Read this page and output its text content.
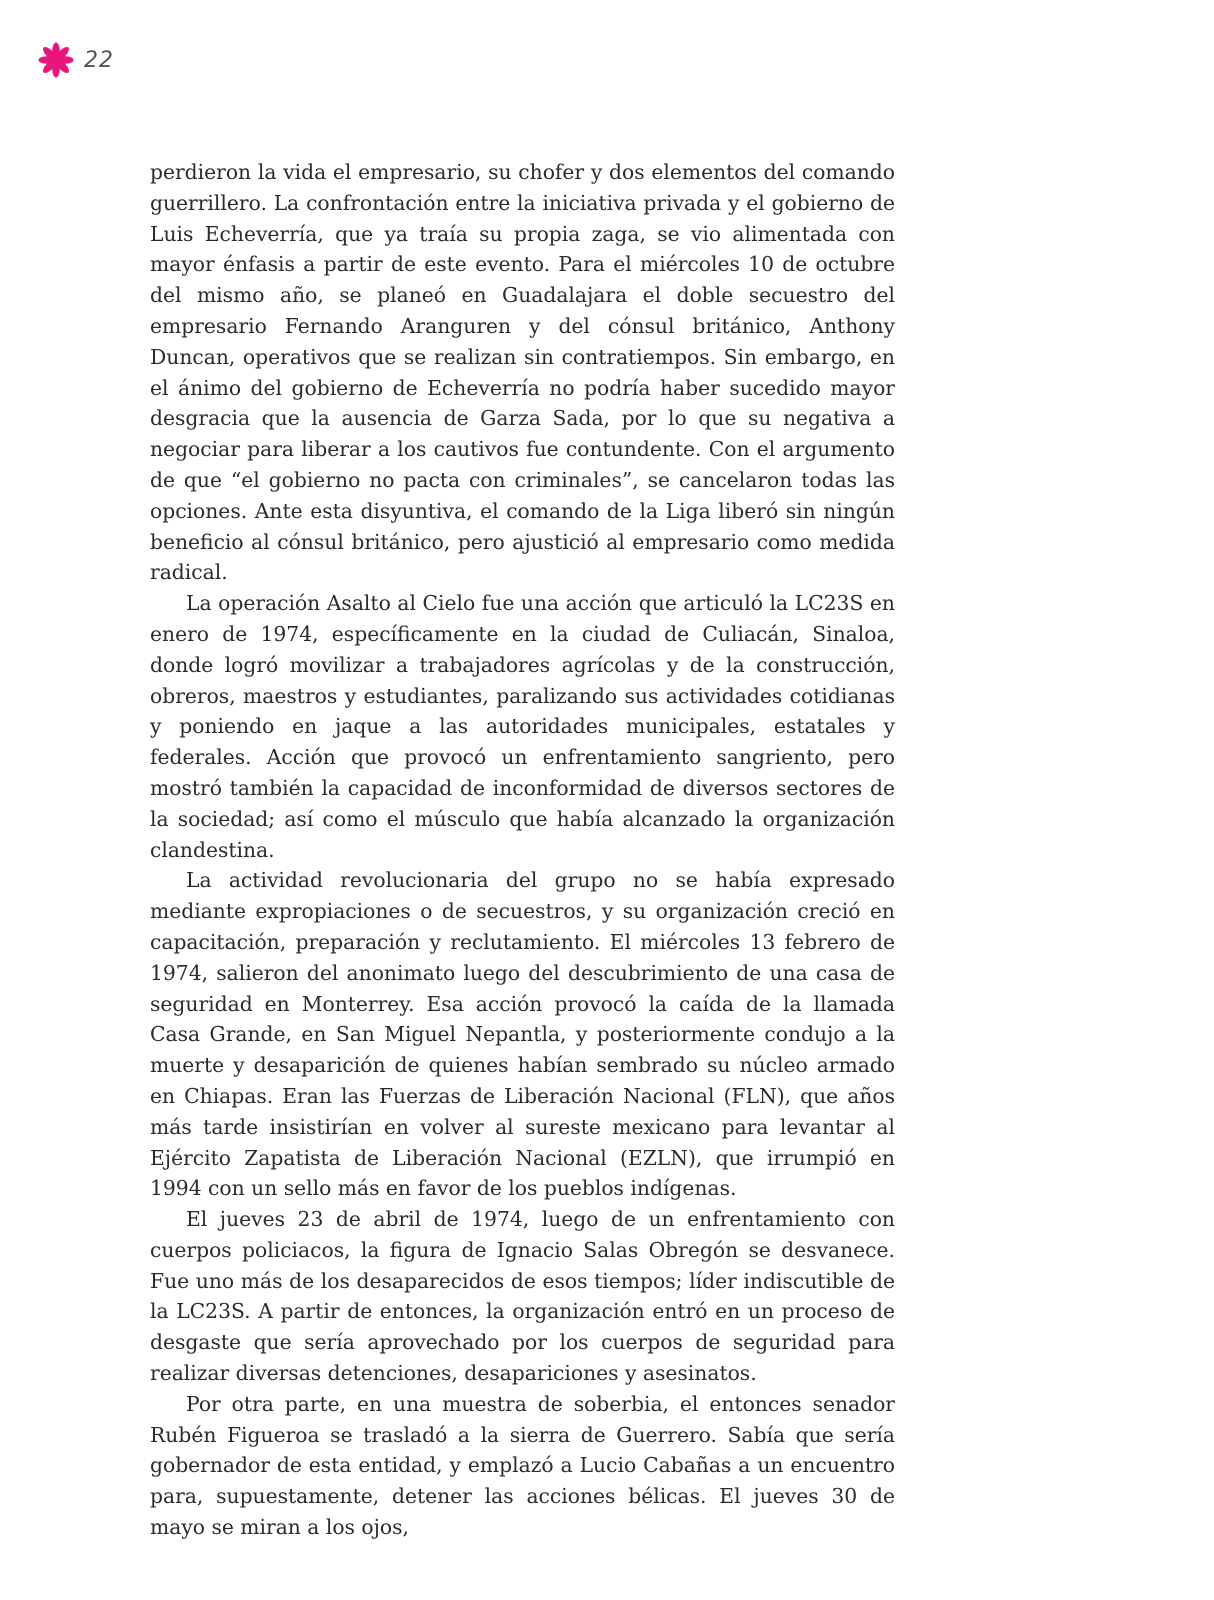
22

perdieron la vida el empresario, su chofer y dos elementos del comando guerrillero. La confrontación entre la iniciativa privada y el gobierno de Luis Echeverría, que ya traía su propia zaga, se vio alimentada con mayor énfasis a partir de este evento. Para el miércoles 10 de octubre del mismo año, se planeó en Guadalajara el doble secuestro del empresario Fernando Aranguren y del cónsul británico, Anthony Duncan, operativos que se realizan sin contratiempos. Sin embargo, en el ánimo del gobierno de Echeverría no podría haber sucedido mayor desgracia que la ausencia de Garza Sada, por lo que su negativa a negociar para liberar a los cautivos fue contundente. Con el argumento de que “el gobierno no pacta con criminales”, se cancelaron todas las opciones. Ante esta disyuntiva, el comando de la Liga liberó sin ningún beneficio al cónsul británico, pero ajustició al empresario como medida radical.

La operación Asalto al Cielo fue una acción que articuló la LC23S en enero de 1974, específicamente en la ciudad de Culiacán, Sinaloa, donde logró movilizar a trabajadores agrícolas y de la construcción, obreros, maestros y estudiantes, paralizando sus actividades cotidianas y poniendo en jaque a las autoridades municipales, estatales y federales. Acción que provocó un enfrentamiento sangriento, pero mostró también la capacidad de inconformidad de diversos sectores de la sociedad; así como el músculo que había alcanzado la organización clandestina.

La actividad revolucionaria del grupo no se había expresado mediante expropiaciones o de secuestros, y su organización creció en capacitación, preparación y reclutamiento. El miércoles 13 febrero de 1974, salieron del anonimato luego del descubrimiento de una casa de seguridad en Monterrey. Esa acción provocó la caída de la llamada Casa Grande, en San Miguel Nepantla, y posteriormente condujo a la muerte y desaparición de quienes habían sembrado su núcleo armado en Chiapas. Eran las Fuerzas de Liberación Nacional (FLN), que años más tarde insistirían en volver al sureste mexicano para levantar al Ejército Zapatista de Liberación Nacional (EZLN), que irrumpió en 1994 con un sello más en favor de los pueblos indígenas.

El jueves 23 de abril de 1974, luego de un enfrentamiento con cuerpos policiacos, la figura de Ignacio Salas Obregón se desvanece. Fue uno más de los desaparecidos de esos tiempos; líder indiscutible de la LC23S. A partir de entonces, la organización entró en un proceso de desgaste que sería aprovechado por los cuerpos de seguridad para realizar diversas detenciones, desapariciones y asesinatos.

Por otra parte, en una muestra de soberbia, el entonces senador Rubén Figueroa se trasladó a la sierra de Guerrero. Sabía que sería gobernador de esta entidad, y emplazó a Lucio Cabañas a un encuentro para, supuestamente, detener las acciones bélicas. El jueves 30 de mayo se miran a los ojos,
